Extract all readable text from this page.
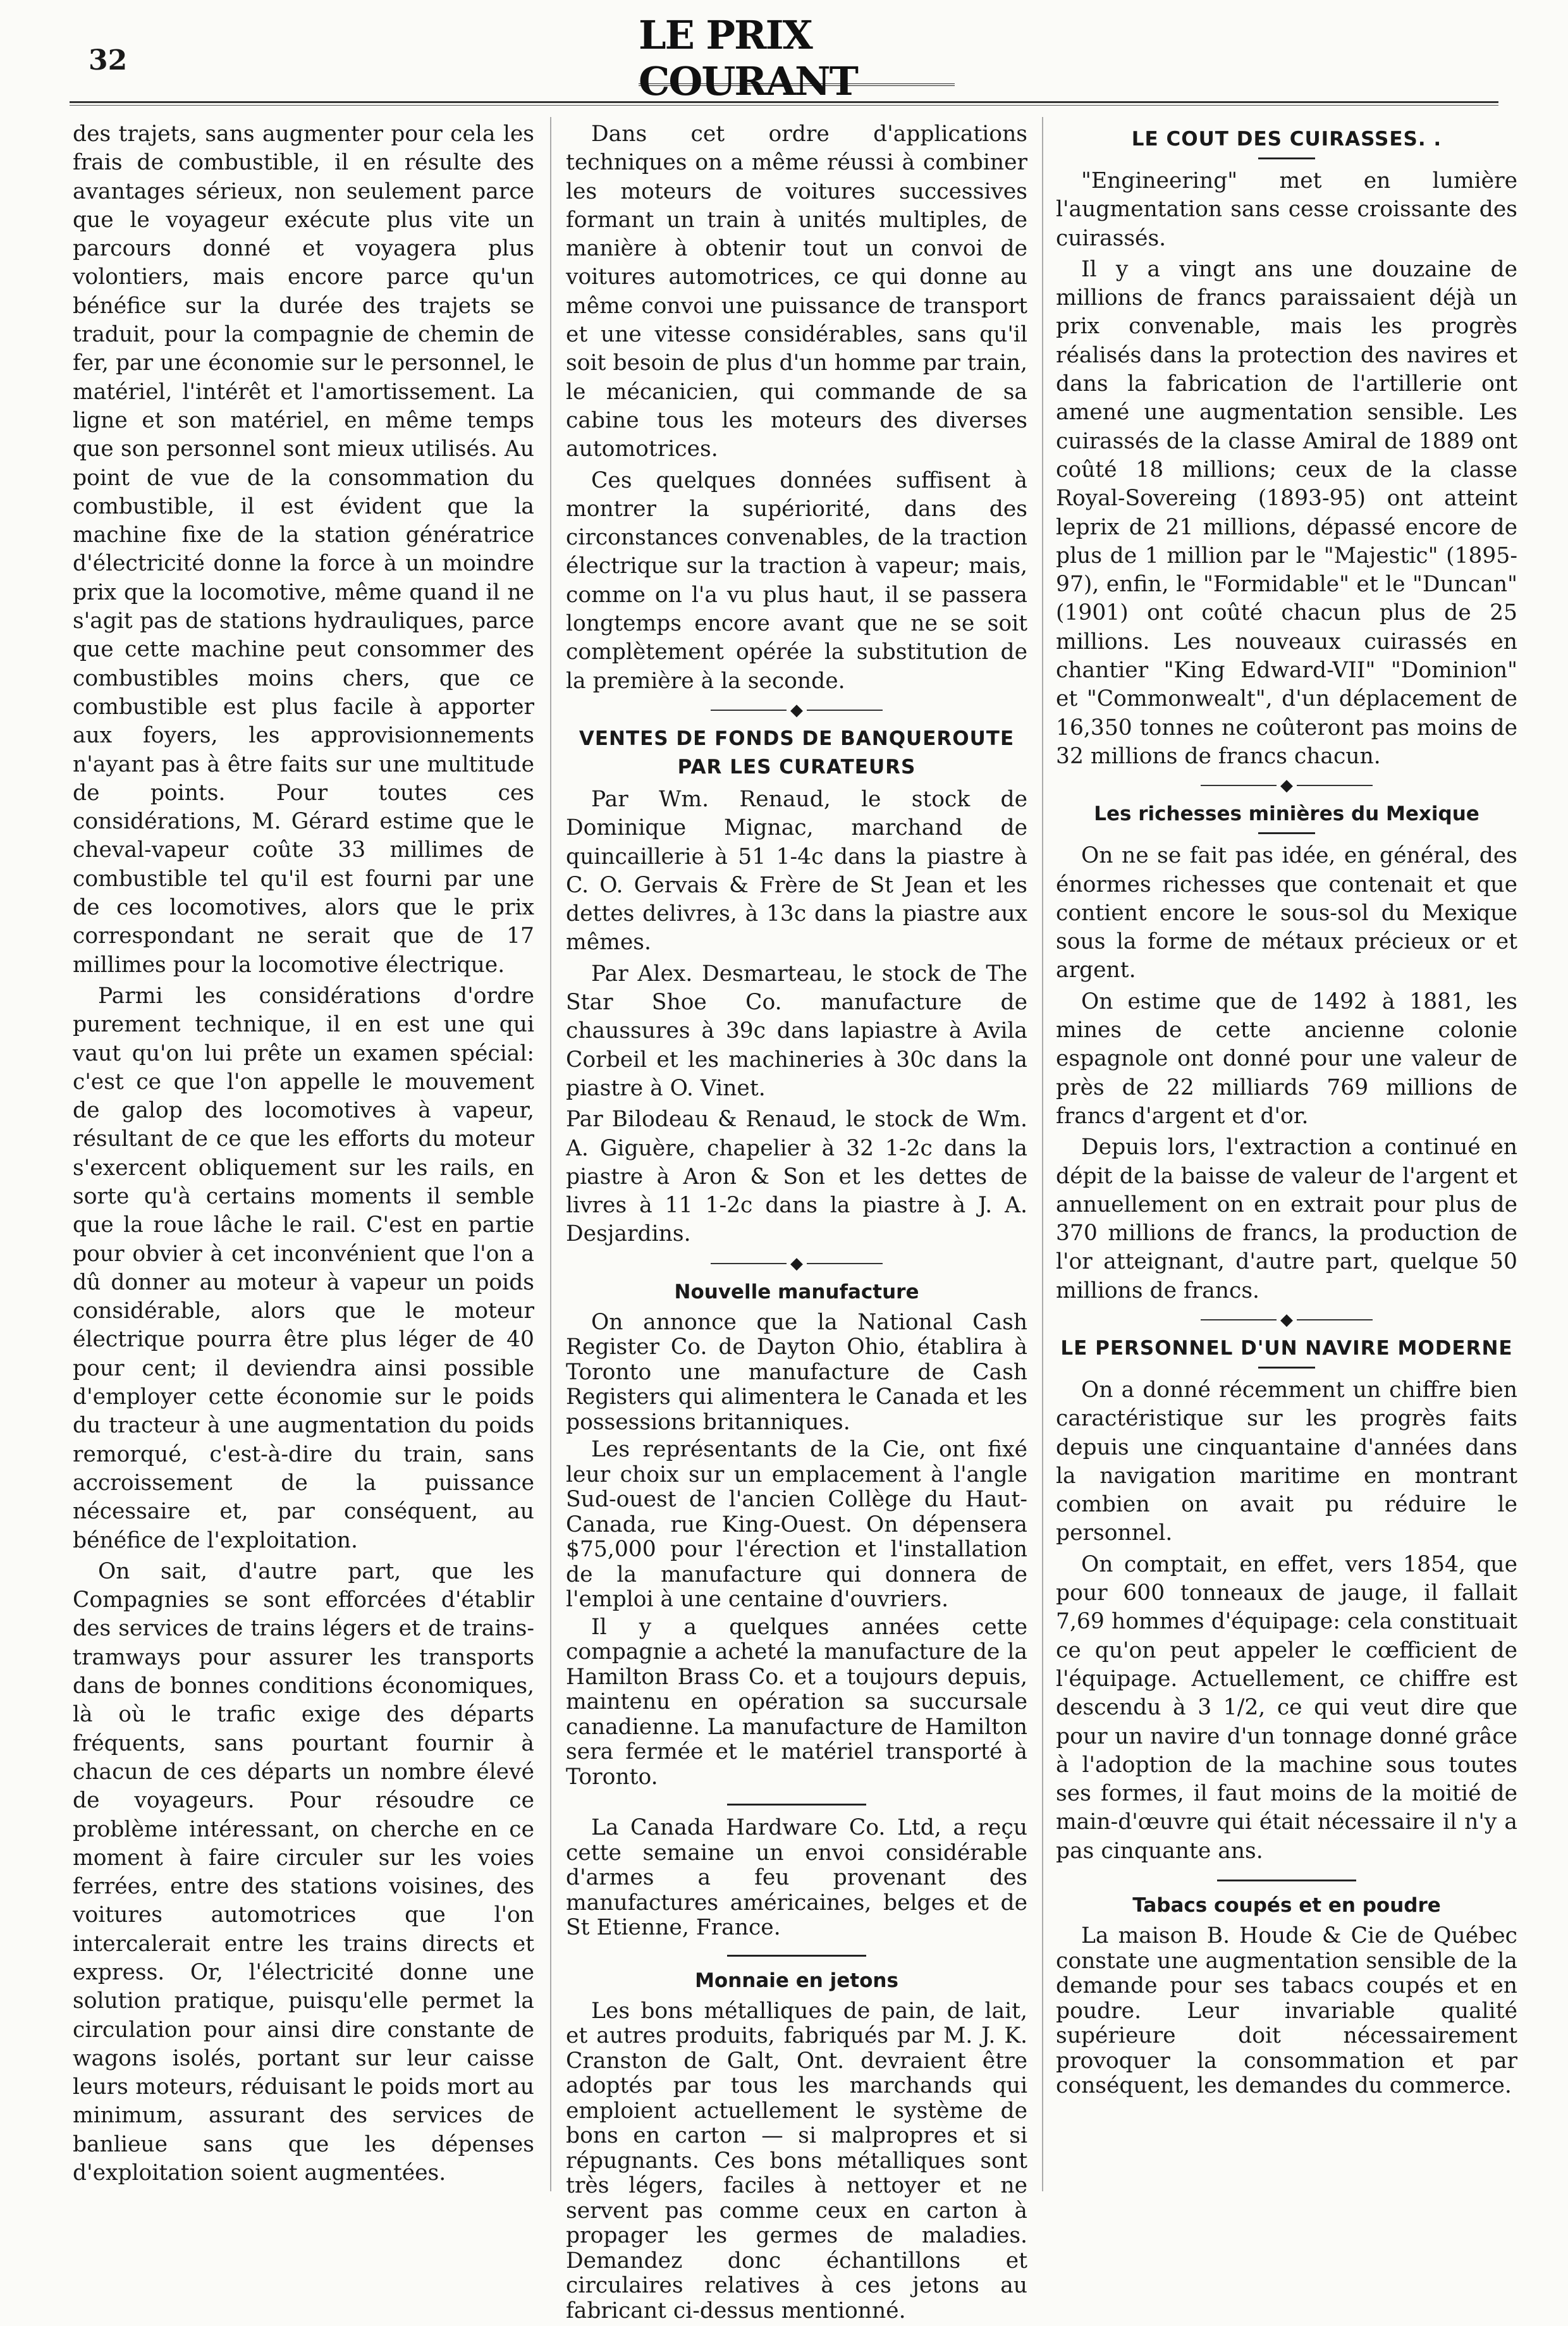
32
LE PRIX COURANT

des trajets, sans augmenter pour cela les frais de combustible, il en résulte des avantages sérieux, non seulement parce que le voyageur exécute plus vite un parcours donné et voyagera plus volontiers, mais encore parce qu'un bénéfice sur la durée des trajets se traduit, pour la compagnie de chemin de fer, par une économie sur le personnel, le matériel, l'intérêt et l'amortissement. La ligne et son matériel, en même temps que son personnel sont mieux utilisés. Au point de vue de la consommation du combustible, il est évident que la machine fixe de la station génératrice d'électricité donne la force à un moindre prix que la locomotive, même quand il ne s'agit pas de stations hydrauliques, parce que cette machine peut consommer des combustibles moins chers, que ce combustible est plus facile à apporter aux foyers, les approvisionnements n'ayant pas à être faits sur une multitude de points. Pour toutes ces considérations, M. Gérard estime que le cheval-vapeur coûte 33 millimes de combustible tel qu'il est fourni par une de ces locomotives, alors que le prix correspondant ne serait que de 17 millimes pour la locomotive électrique.

Parmi les considérations d'ordre purement technique, il en est une qui vaut qu'on lui prête un examen spécial: c'est ce que l'on appelle le mouvement de galop des locomotives à vapeur, résultant de ce que les efforts du moteur s'exercent obliquement sur les rails, en sorte qu'à certains moments il semble que la roue lâche le rail. C'est en partie pour obvier à cet inconvénient que l'on a dû donner au moteur à vapeur un poids considérable, alors que le moteur électrique pourra être plus léger de 40 pour cent; il deviendra ainsi possible d'employer cette économie sur le poids du tracteur à une augmentation du poids remorqué, c'est-à-dire du train, sans accroissement de la puissance nécessaire et, par conséquent, au bénéfice de l'exploitation.

On sait, d'autre part, que les Compagnies se sont efforcées d'établir des services de trains légers et de trains-tramways pour assurer les transports dans de bonnes conditions économiques, là où le trafic exige des départs fréquents, sans pourtant fournir à chacun de ces départs un nombre élevé de voyageurs. Pour résoudre ce problème intéressant, on cherche en ce moment à faire circuler sur les voies ferrées, entre des stations voisines, des voitures automotrices que l'on intercalerait entre les trains directs et express. Or, l'électricité donne une solution pratique, puisqu'elle permet la circulation pour ainsi dire constante de wagons isolés, portant sur leur caisse leurs moteurs, réduisant le poids mort au minimum, assurant des services de banlieue sans que les dépenses d'exploitation soient augmentées.

Dans cet ordre d'applications techniques on a même réussi à combiner les moteurs de voitures successives formant un train à unités multiples, de manière à obtenir tout un convoi de voitures automotrices, ce qui donne au même convoi une puissance de transport et une vitesse considérables, sans qu'il soit besoin de plus d'un homme par train, le mécanicien, qui commande de sa cabine tous les moteurs des diverses automotrices.

Ces quelques données suffisent à montrer la supériorité, dans des circonstances convenables, de la traction électrique sur la traction à vapeur; mais, comme on l'a vu plus haut, il se passera longtemps encore avant que ne se soit complètement opérée la substitution de la première à la seconde.

◆
VENTES DE FONDS DE BANQUEROUTE PAR LES CURATEURS

Par Wm. Renaud, le stock de Dominique Mignac, marchand de quincaillerie à 51 1-4c dans la piastre à C. O. Gervais & Frère de St Jean et les dettes delivres, à 13c dans la piastre aux mêmes.

Par Alex. Desmarteau, le stock de The Star Shoe Co. manufacture de chaussures à 39c dans lapiastre à Avila Corbeil et les machineries à 30c dans la piastre à O. Vinet.

Par Bilodeau & Renaud, le stock de Wm. A. Giguère, chapelier à 32 1-2c dans la piastre à Aron & Son et les dettes de livres à 11 1-2c dans la piastre à J. A. Desjardins.

◆
Nouvelle manufacture

On annonce que la National Cash Register Co. de Dayton Ohio, établira à Toronto une manufacture de Cash Registers qui alimentera le Canada et les possessions britanniques.

Les représentants de la Cie, ont fixé leur choix sur un emplacement à l'angle Sud-ouest de l'ancien Collège du Haut-Canada, rue King-Ouest. On dépensera $75,000 pour l'érection et l'installation de la manufacture qui donnera de l'emploi à une centaine d'ouvriers.

Il y a quelques années cette compagnie a acheté la manufacture de la Hamilton Brass Co. et a toujours depuis, maintenu en opération sa succursale canadienne. La manufacture de Hamilton sera fermée et le matériel transporté à Toronto.

La Canada Hardware Co. Ltd, a reçu cette semaine un envoi considérable d'armes a feu provenant des manufactures américaines, belges et de St Etienne, France.

Monnaie en jetons

Les bons métalliques de pain, de lait, et autres produits, fabriqués par M. J. K. Cranston de Galt, Ont. devraient être adoptés par tous les marchands qui emploient actuellement le système de bons en carton — si malpropres et si répugnants. Ces bons métalliques sont très légers, faciles à nettoyer et ne servent pas comme ceux en carton à propager les germes de maladies. Demandez donc échantillons et circulaires relatives à ces jetons au fabricant ci-dessus mentionné.

LE COUT DES CUIRASSES. .

"Engineering" met en lumière l'augmentation sans cesse croissante des cuirassés.

Il y a vingt ans une douzaine de millions de francs paraissaient déjà un prix convenable, mais les progrès réalisés dans la protection des navires et dans la fabrication de l'artillerie ont amené une augmentation sensible. Les cuirassés de la classe Amiral de 1889 ont coûté 18 millions; ceux de la classe Royal-Sovereing (1893-95) ont atteint leprix de 21 millions, dépassé encore de plus de 1 million par le "Majestic" (1895-97), enfin, le "Formidable" et le "Duncan" (1901) ont coûté chacun plus de 25 millions. Les nouveaux cuirassés en chantier "King Edward-VII" "Dominion" et "Commonwealt", d'un déplacement de 16,350 tonnes ne coûteront pas moins de 32 millions de francs chacun.

◆
Les richesses minières du Mexique

On ne se fait pas idée, en général, des énormes richesses que contenait et que contient encore le sous-sol du Mexique sous la forme de métaux précieux or et argent.

On estime que de 1492 à 1881, les mines de cette ancienne colonie espagnole ont donné pour une valeur de près de 22 milliards 769 millions de francs d'argent et d'or.

Depuis lors, l'extraction a continué en dépit de la baisse de valeur de l'argent et annuellement on en extrait pour plus de 370 millions de francs, la production de l'or atteignant, d'autre part, quelque 50 millions de francs.

◆
LE PERSONNEL D'UN NAVIRE MODERNE

On a donné récemment un chiffre bien caractéristique sur les progrès faits depuis une cinquantaine d'années dans la navigation maritime en montrant combien on avait pu réduire le personnel.

On comptait, en effet, vers 1854, que pour 600 tonneaux de jauge, il fallait 7,69 hommes d'équipage: cela constituait ce qu'on peut appeler le cœfficient de l'équipage. Actuellement, ce chiffre est descendu à 3 1/2, ce qui veut dire que pour un navire d'un tonnage donné grâce à l'adoption de la machine sous toutes ses formes, il faut moins de la moitié de main-d'œuvre qui était nécessaire il n'y a pas cinquante ans.

Tabacs coupés et en poudre

La maison B. Houde & Cie de Québec constate une augmentation sensible de la demande pour ses tabacs coupés et en poudre. Leur invariable qualité supérieure doit nécessairement provoquer la consommation et par conséquent, les demandes du commerce.
